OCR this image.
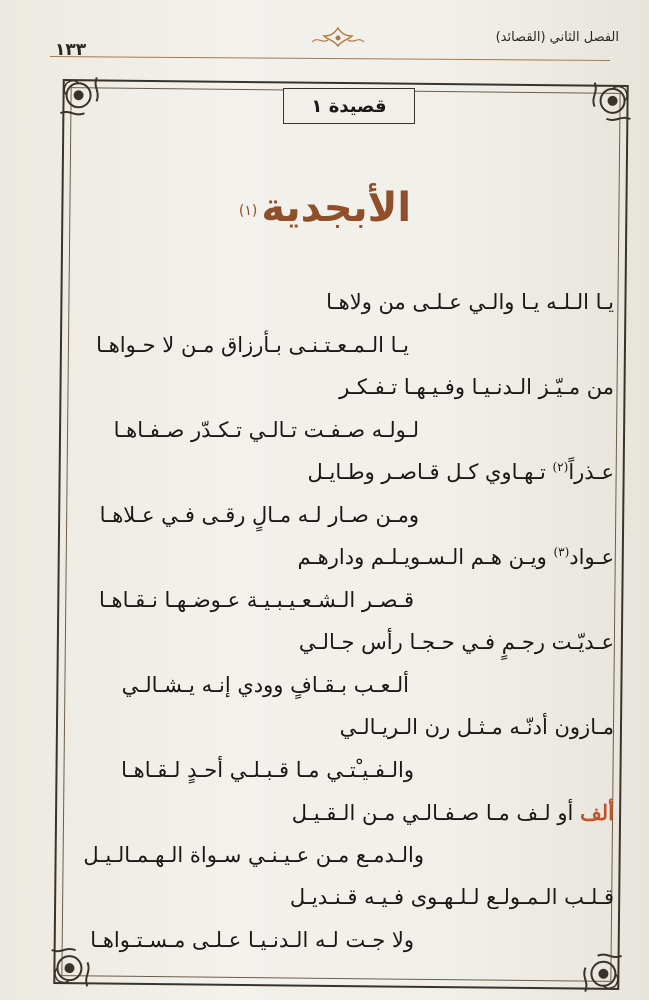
الفصل الثاني (القصائد)
١٣٣
قصيدة ١
الأبجدية(١)
يـا الـلـه يـا والـي عـلـى من ولاهـا
يـا الـمـعـتـنـى بـأرزاق مـن لا حـواهـا
من مـيّـز الـدنـيـا وفـيـهـا تـفـكـر
لـولـه صـفـت تـالـي تـكـدّر صـفـاهـا
عـذراً$^{(٢)}$ تـهـاوي كـل قـاصـر وطـايـل
ومـن صـار لـه مـالٍ رقـى فـي عـلاهـا
عـواد$^{(٣)}$ ويـن هـم الـسـويـلـم ودارهـم
قـصـر الـشـعـيـبـيـة عـوضـهـا نـقـاهـا
عـديّـت رجـمٍ فـي حـجـا رأس جـالـي
ألـعـب بـقـافٍ وودي إنـه يـشـالـي
مـازون أدنّـه مـثـل رن الـريـالـي
والـفـيـْتـي مـا قـبـلـي أحـدٍ لـقـاهـا
ألف أو لـف مـا صـفـالـي مـن الـقـيـل
والـدمـع مـن عـيـنـي سـواة الـهـمـالـيـل
قـلـب الـمـولـع لـلـهـوى فـيـه قـنـديـل
ولا جـت لـه الـدنـيـا عـلـى مـسـتـواهـا
